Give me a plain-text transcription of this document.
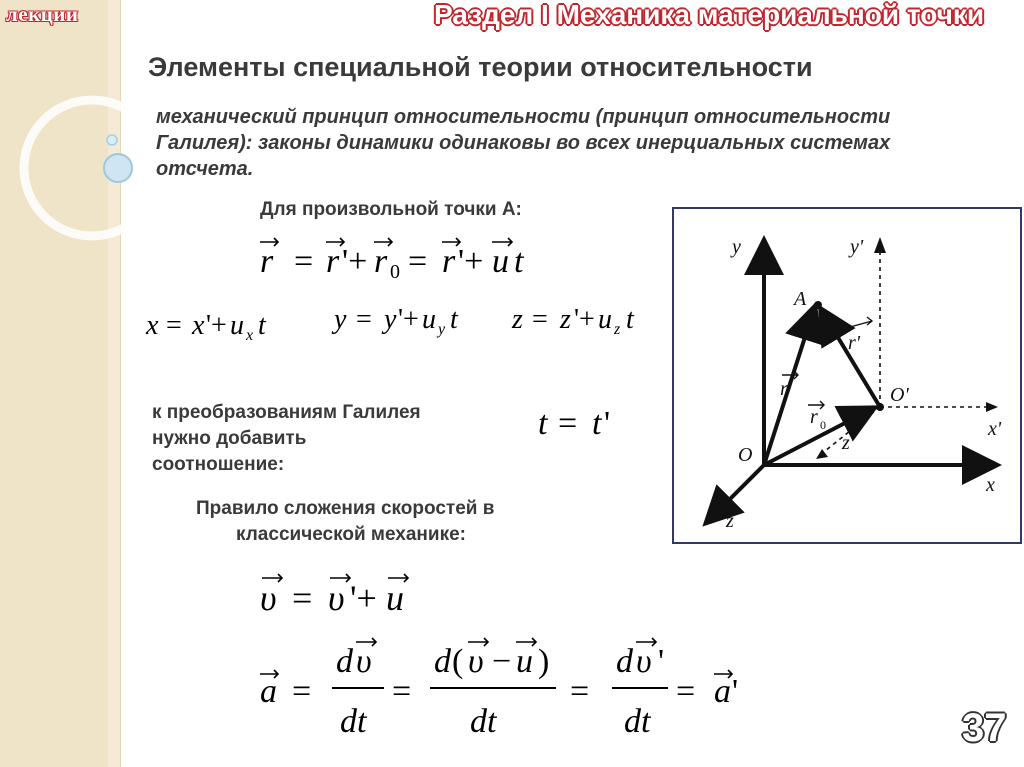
лекции	Раздел I Механика материальной точки
Элементы специальной теории относительности
механический принцип относительности (принцип относительности Галилея): законы динамики одинаковы во всех инерциальных системах отсчета.
Для произвольной точки A:
r = r '+ r 0 = r '+ u t
x = x '+ u x t y = y '+ u y t z = z '+ u z t
к преобразованиям Галилея
нужно добавить
соотношение:
t = t '
Правило сложения скоростей в
классической механике:
υ = υ '+ u
a =
d υ
dt
=
d ( υ − u )
dt
=
d υ '
dt
= a '
y	y'
A
r'
r	O'
r 0	x'
O
z'
x
z
37
